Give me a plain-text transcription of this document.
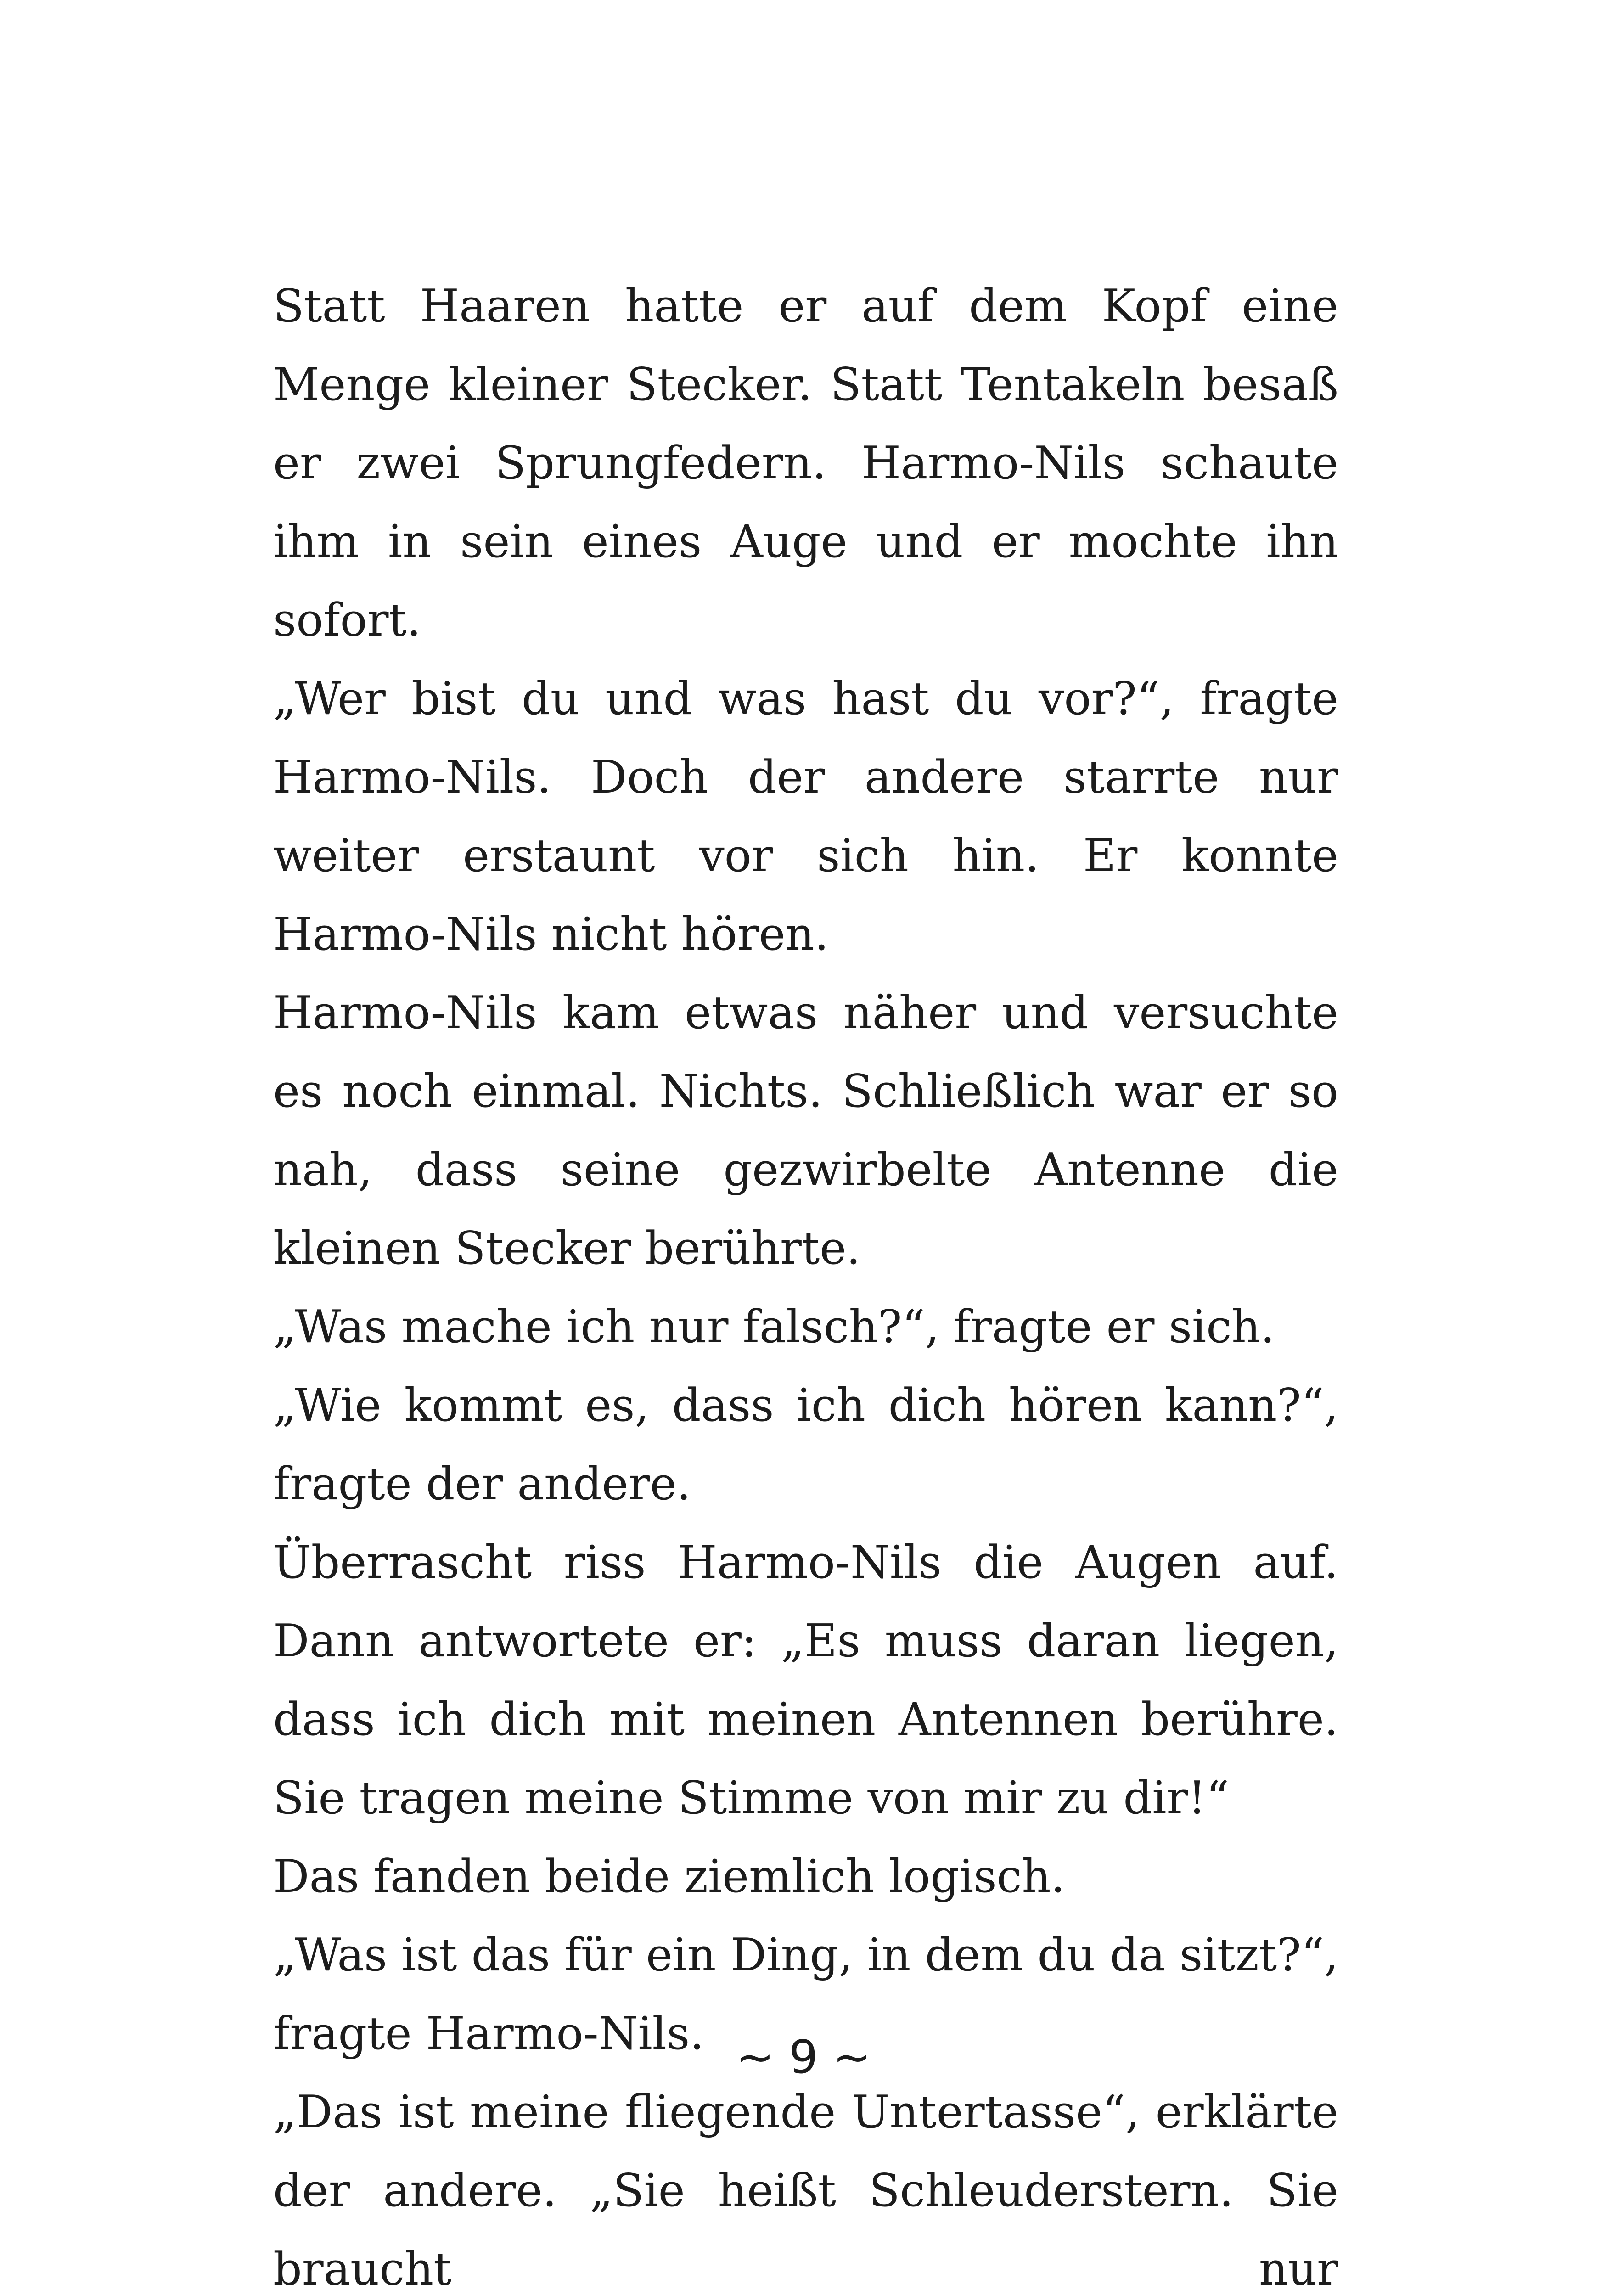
Statt Haaren hatte er auf dem Kopf eine Menge kleiner Stecker. Statt Tentakeln besaß er zwei Sprungfedern. Harmo-Nils schaute ihm in sein eines Auge und er mochte ihn sofort.

„Wer bist du und was hast du vor?“, fragte Harmo-Nils. Doch der andere starrte nur weiter erstaunt vor sich hin. Er konnte Harmo-Nils nicht hören.

Harmo-Nils kam etwas näher und versuchte es noch einmal. Nichts. Schließlich war er so nah, dass seine gezwirbelte Antenne die kleinen Stecker berührte.

„Was mache ich nur falsch?“, fragte er sich.

„Wie kommt es, dass ich dich hören kann?“, fragte der andere.

Überrascht riss Harmo-Nils die Augen auf. Dann antwortete er: „Es muss daran liegen, dass ich dich mit meinen Antennen berühre. Sie tragen meine Stimme von mir zu dir!“

Das fanden beide ziemlich logisch.

„Was ist das für ein Ding, in dem du da sitzt?“, fragte Harmo-Nils.

„Das ist meine fliegende Untertasse“, erklärte der andere. „Sie heißt Schleuderstern. Sie braucht nur

~ 9 ~
